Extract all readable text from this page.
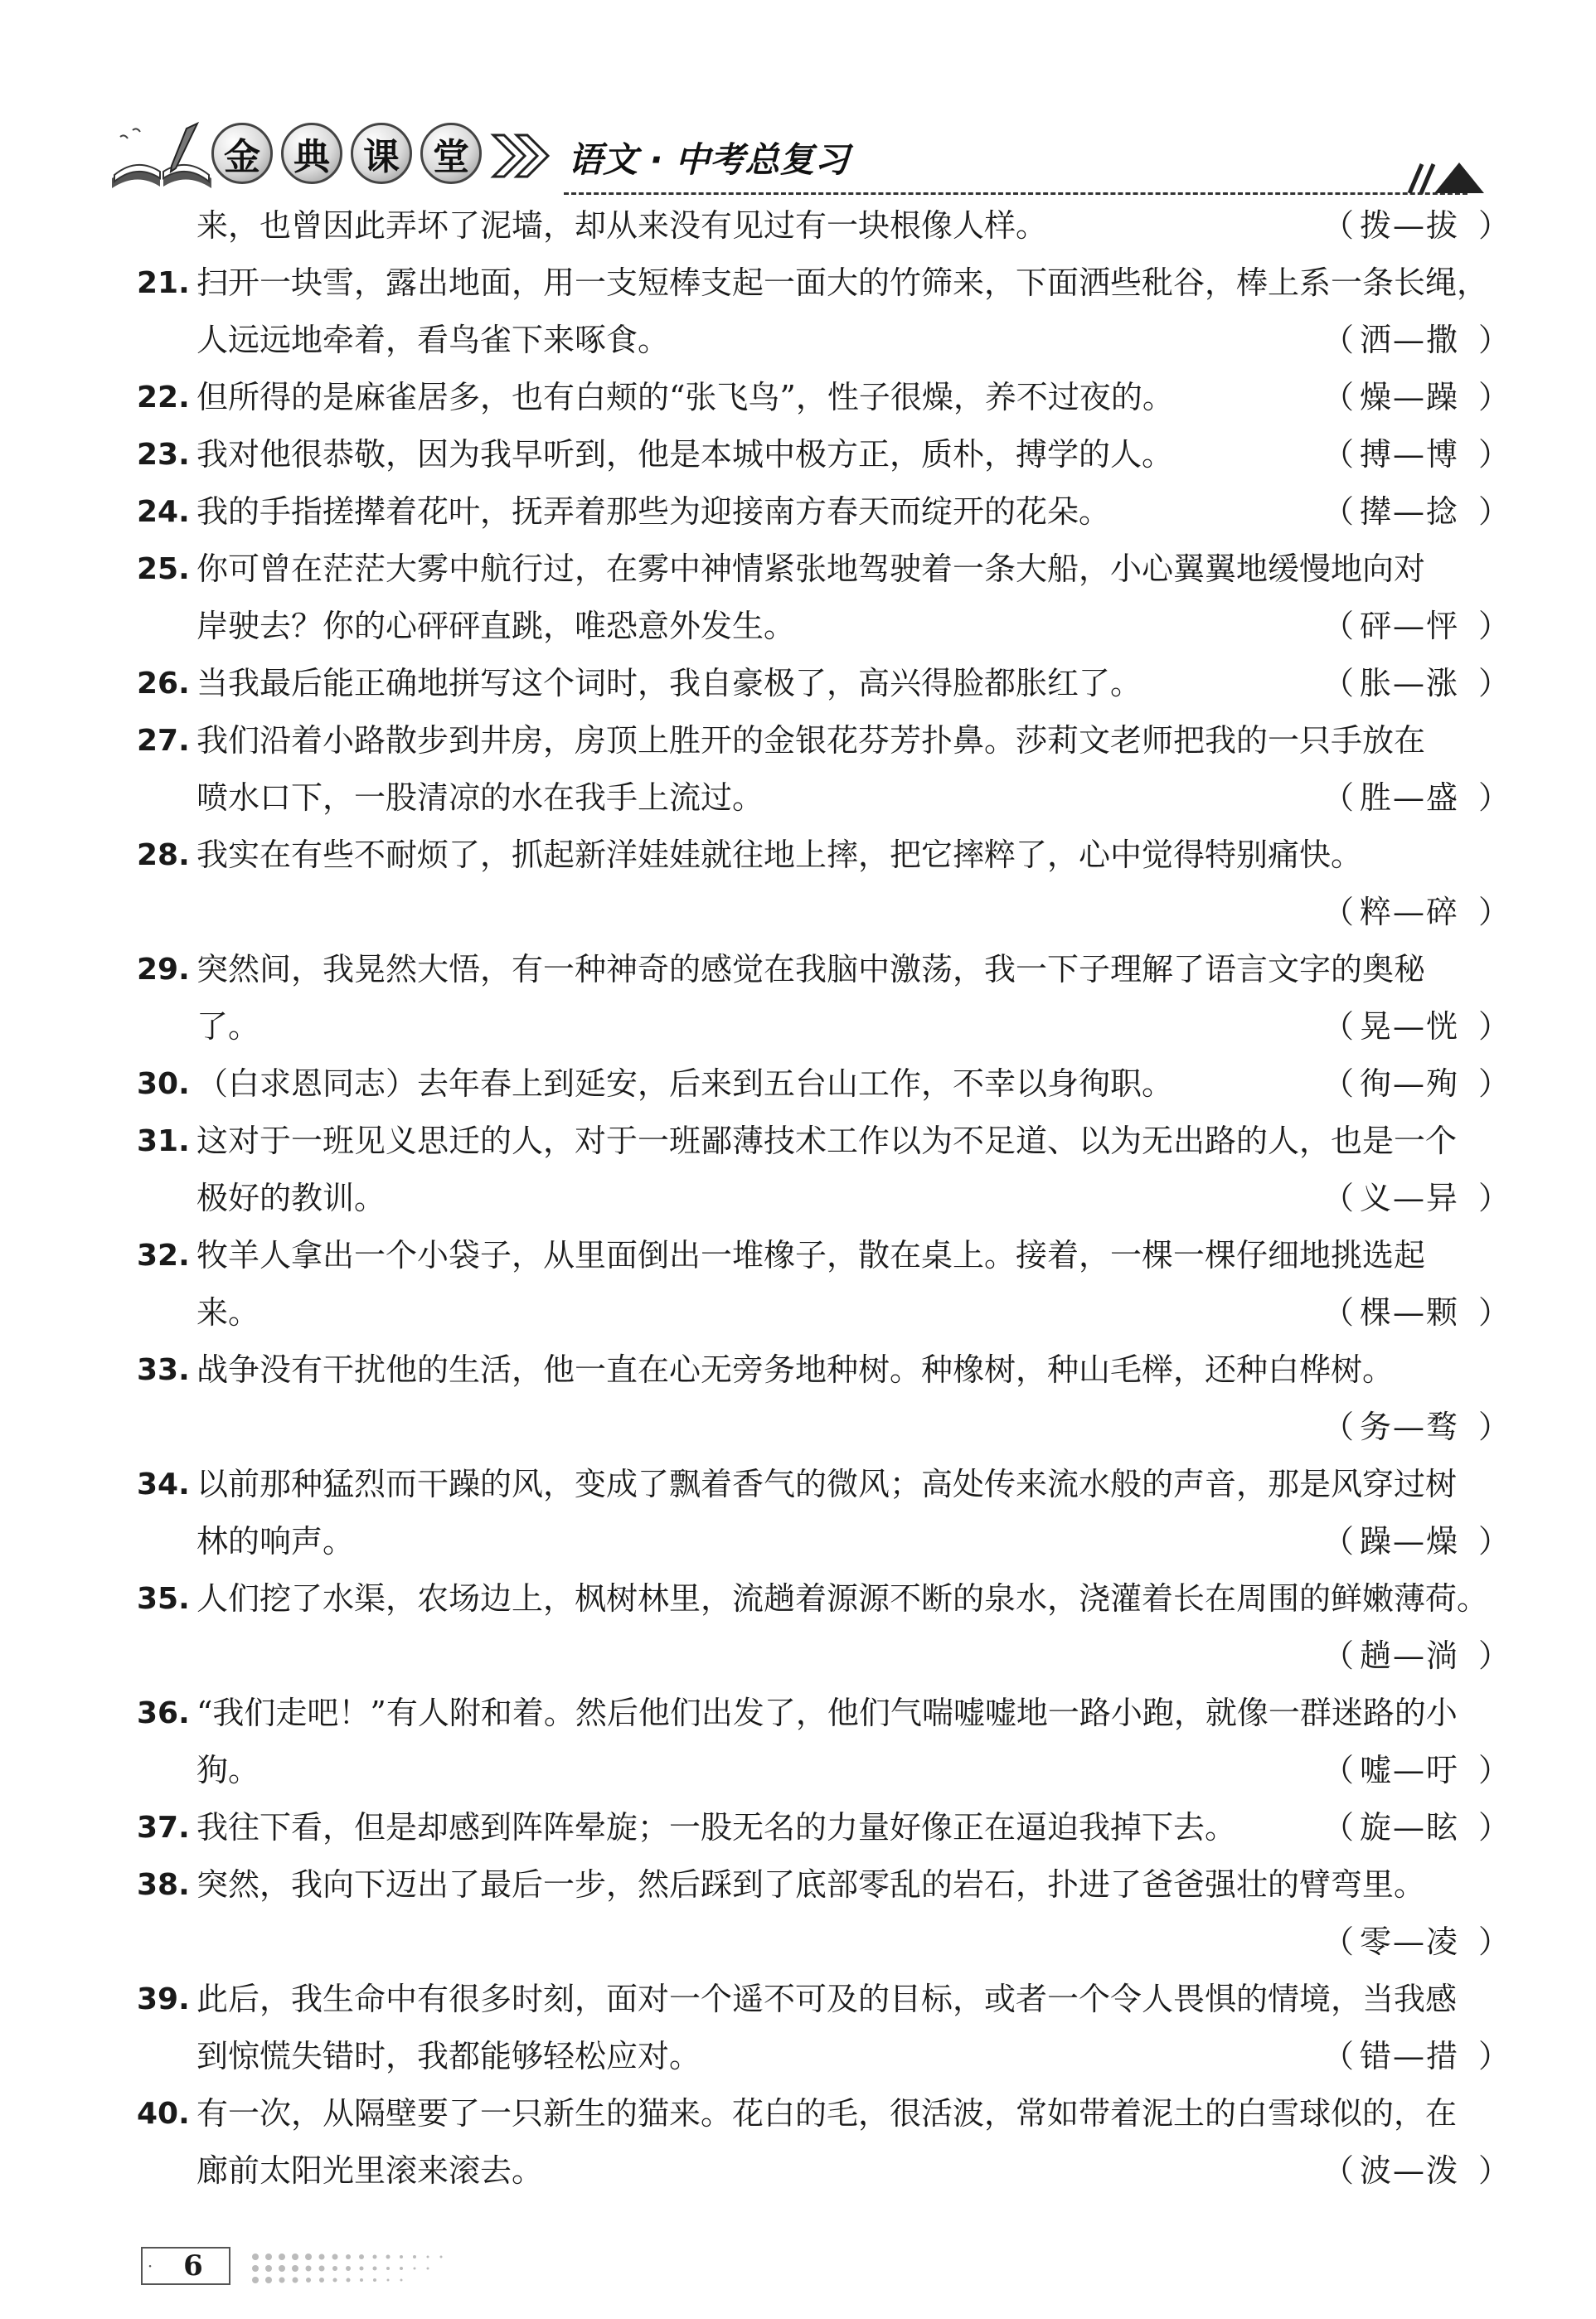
金 典 课 堂	语文 · 中考总复习
来，也曾因此弄坏了泥墙，却从来没有见过有一块根像人样。	（ 拨—拔 ）
21. 扫开一块雪，露出地面，用一支短棒支起一面大的竹筛来，下面洒些秕谷，棒上系一条长绳，
人远远地牵着，看鸟雀下来啄食。	（ 洒—撒 ）
22. 但所得的是麻雀居多，也有白颊的“张飞鸟”，性子很燥，养不过夜的。	（ 燥—躁 ）
23. 我对他很恭敬，因为我早听到，他是本城中极方正，质朴，搏学的人。	（ 搏—博 ）
24. 我的手指搓撵着花叶，抚弄着那些为迎接南方春天而绽开的花朵。	（ 撵—捻 ）
25. 你可曾在茫茫大雾中航行过，在雾中神情紧张地驾驶着一条大船，小心翼翼地缓慢地向对
岸驶去？你的心砰砰直跳，唯恐意外发生。	（ 砰—怦 ）
26. 当我最后能正确地拼写这个词时，我自豪极了，高兴得脸都胀红了。	（ 胀—涨 ）
27. 我们沿着小路散步到井房，房顶上胜开的金银花芬芳扑鼻。莎莉文老师把我的一只手放在
喷水口下，一股清凉的水在我手上流过。	（ 胜—盛 ）
28. 我实在有些不耐烦了，抓起新洋娃娃就往地上摔，把它摔粹了，心中觉得特别痛快。
（ 粹—碎 ）
29. 突然间，我晃然大悟，有一种神奇的感觉在我脑中激荡，我一下子理解了语言文字的奥秘
了。	（ 晃—恍 ）
30. （白求恩同志）去年春上到延安，后来到五台山工作，不幸以身徇职。	（ 徇—殉 ）
31. 这对于一班见义思迁的人，对于一班鄙薄技术工作以为不足道、以为无出路的人，也是一个
极好的教训。	（ 义—异 ）
32. 牧羊人拿出一个小袋子，从里面倒出一堆橡子，散在桌上。接着，一棵一棵仔细地挑选起
来。	（ 棵—颗 ）
33. 战争没有干扰他的生活，他一直在心无旁务地种树。种橡树，种山毛榉，还种白桦树。
（ 务—骛 ）
34. 以前那种猛烈而干躁的风，变成了飘着香气的微风；高处传来流水般的声音，那是风穿过树
林的响声。	（ 躁—燥 ）
35. 人们挖了水渠，农场边上，枫树林里，流趟着源源不断的泉水，浇灌着长在周围的鲜嫩薄荷。
（ 趟—淌 ）
36. “我们走吧！”有人附和着。然后他们出发了，他们气喘嘘嘘地一路小跑，就像一群迷路的小
狗。	（ 嘘—吁 ）
37. 我往下看，但是却感到阵阵晕旋；一股无名的力量好像正在逼迫我掉下去。	（ 旋—眩 ）
38. 突然，我向下迈出了最后一步，然后踩到了底部零乱的岩石，扑进了爸爸强壮的臂弯里。
（ 零—凌 ）
39. 此后，我生命中有很多时刻，面对一个遥不可及的目标，或者一个令人畏惧的情境，当我感
到惊慌失错时，我都能够轻松应对。	（ 错—措 ）
40. 有一次，从隔壁要了一只新生的猫来。花白的毛，很活波，常如带着泥土的白雪球似的，在
廊前太阳光里滚来滚去。	（ 波—泼 ）
·	6
